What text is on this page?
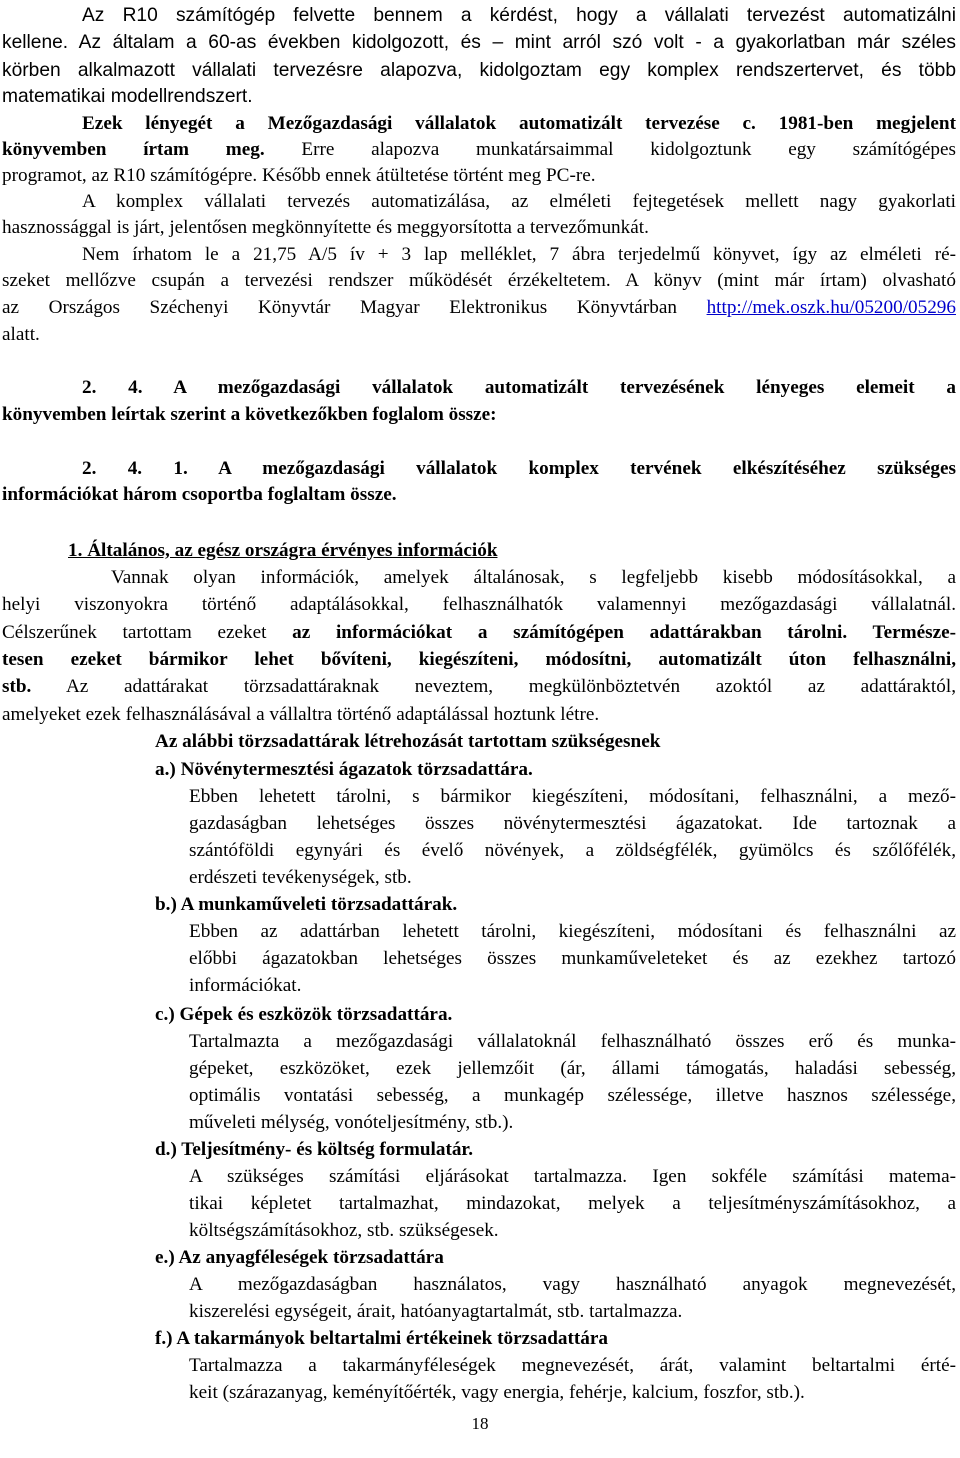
Az R10 számítógép felvette bennem a kérdést, hogy a vállalati tervezést automatizálni
kellene. Az általam a 60-as években kidolgozott, és – mint arról szó volt - a gyakorlatban már széles
körben alkalmazott vállalati tervezésre alapozva, kidolgoztam egy komplex rendszertervet, és több
matematikai modellrendszert.
Ezek lényegét a Mezőgazdasági vállalatok automatizált tervezése c. 1981-ben megjelent
könyvemben írtam meg. Erre alapozva munkatársaimmal kidolgoztunk egy számítógépes
programot, az R10 számítógépre. Később ennek átültetése történt meg PC-re.
A komplex vállalati tervezés automatizálása, az elméleti fejtegetések mellett nagy gyakorlati
hasznossággal is járt, jelentősen megkönnyítette és meggyorsította a tervezőmunkát.
Nem írhatom le a 21,75 A/5 ív + 3 lap melléklet, 7 ábra terjedelmű könyvet, így az elméleti ré-
szeket mellőzve csupán a tervezési rendszer működését érzékeltetem. A könyv (mint már írtam) olvasható
az Országos Széchenyi Könyvtár Magyar Elektronikus Könyvtárban http://mek.oszk.hu/05200/05296
alatt.
2. 4. A mezőgazdasági vállalatok automatizált tervezésének lényeges elemeit a
könyvemben leírtak szerint a következőkben foglalom össze:
2. 4. 1. A mezőgazdasági vállalatok komplex tervének elkészítéséhez szükséges
információkat három csoportba foglaltam össze.
1. Általános, az egész országra érvényes információk
Vannak olyan információk, amelyek általánosak, s legfeljebb kisebb módosításokkal, a
helyi viszonyokra történő adaptálásokkal, felhasználhatók valamennyi mezőgazdasági vállalatnál.
Célszerűnek tartottam ezeket az információkat a számítógépen adattárakban tárolni. Természe-
tesen ezeket bármikor lehet bővíteni, kiegészíteni, módosítni, automatizált úton felhasználni,
stb. Az adattárakat törzsadattáraknak neveztem, megkülönböztetvén azoktól az adattáraktól,
amelyeket ezek felhasználásával a vállaltra történő adaptálással hoztunk létre.
Az alábbi törzsadattárak létrehozását tartottam szükségesnek
a.) Növénytermesztési ágazatok törzsadattára.
Ebben lehetett tárolni, s bármikor kiegészíteni, módosítani, felhasználni, a mező-
gazdaságban lehetséges összes növénytermesztési ágazatokat. Ide tartoznak a
szántóföldi egynyári és évelő növények, a zöldségfélék, gyümölcs és szőlőfélék,
erdészeti tevékenységek, stb.
b.) A munkaműveleti törzsadattárak.
Ebben az adattárban lehetett tárolni, kiegészíteni, módosítani és felhasználni az
előbbi ágazatokban lehetséges összes munkaműveleteket és az ezekhez tartozó
információkat.
c.) Gépek és eszközök törzsadattára.
Tartalmazta a mezőgazdasági vállalatoknál felhasználható összes erő és munka-
gépeket, eszközöket, ezek jellemzőit (ár, állami támogatás, haladási sebesség,
optimális vontatási sebesség, a munkagép szélessége, illetve hasznos szélessége,
műveleti mélység, vonóteljesítmény, stb.).
d.) Teljesítmény- és költség formulatár.
A szükséges számítási eljárásokat tartalmazza. Igen sokféle számítási matema-
tikai képletet tartalmazhat, mindazokat, melyek a teljesítményszámításokhoz, a
költségszámításokhoz, stb. szükségesek.
e.) Az anyagféleségek törzsadattára
A mezőgazdaságban használatos, vagy használható anyagok megnevezését,
kiszerelési egységeit, árait, hatóanyagtartalmát, stb. tartalmazza.
f.) A takarmányok beltartalmi értékeinek törzsadattára
Tartalmazza a takarmányféleségek megnevezését, árát, valamint beltartalmi érté-
keit (szárazanyag, keményítőérték, vagy energia, fehérje, kalcium, foszfor, stb.).
18
